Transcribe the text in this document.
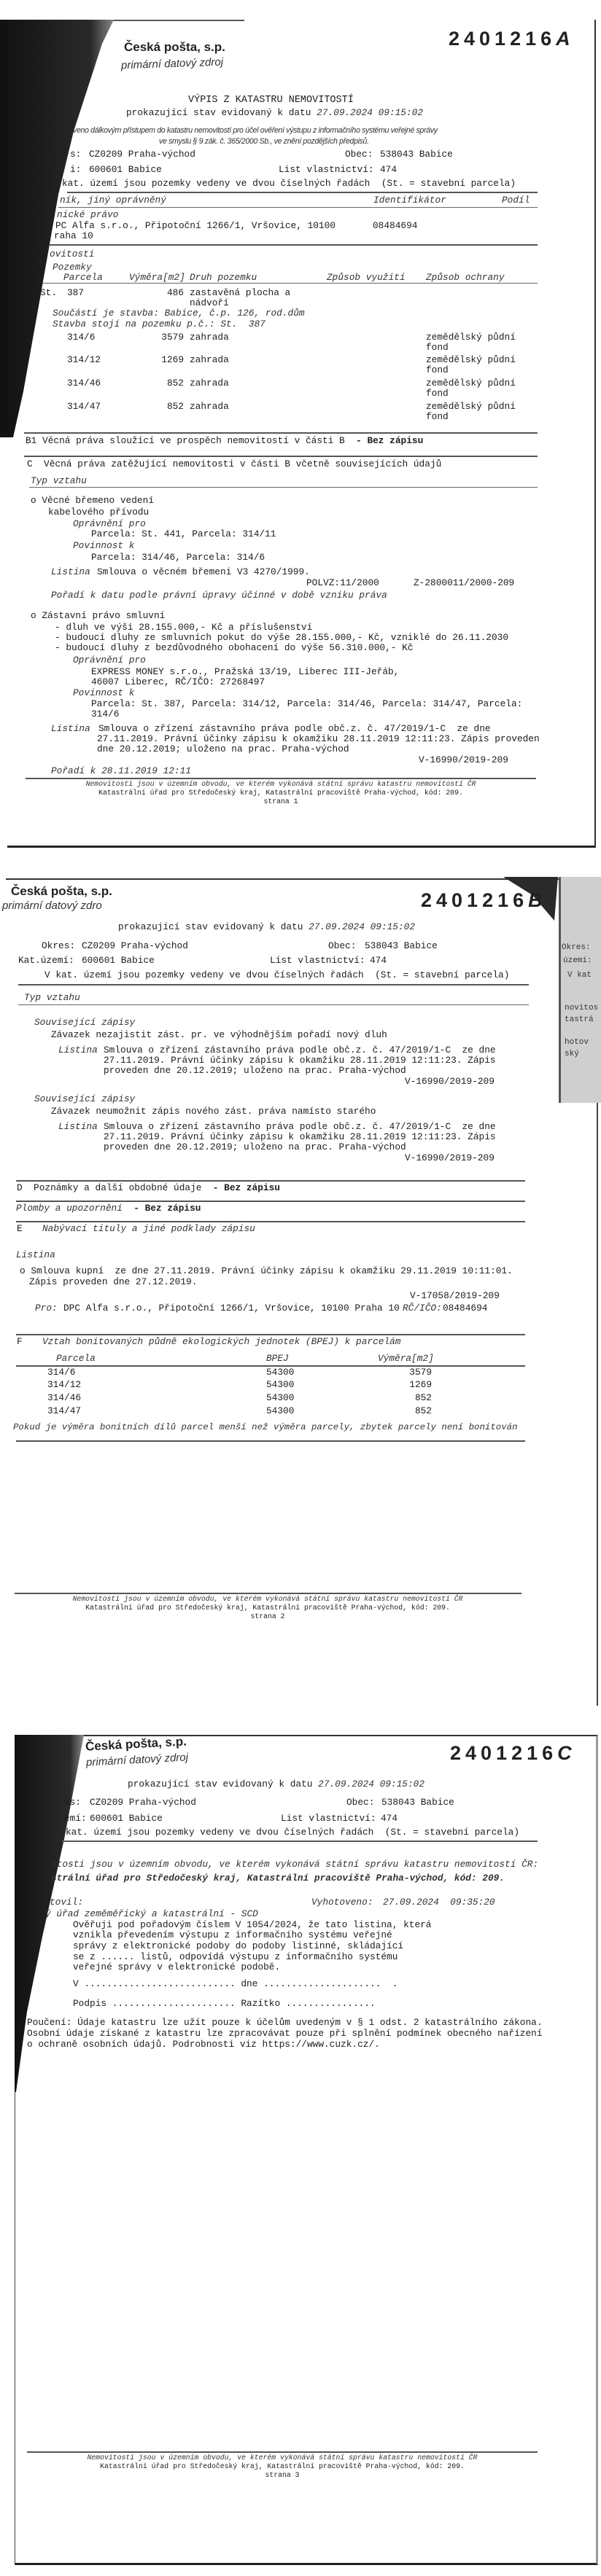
Česká pošta, s.p.
primární datový zdroj
2401216A
VÝPIS Z KATASTRU NEMOVITOSTÍ
prokazující stav evidovaný k datu 27.09.2024 09:15:02
veno dálkovým přístupem do katastru nemovitostí pro účel ověření výstupu z informačního systému veřejné správy
ve smyslu § 9 zák. č. 365/2000 Sb., ve znění pozdějších předpisů.
s: CZ0209 Praha-východ	Obec: 538043 Babice
i: 600601 Babice	List vlastnictví: 474
kat. území jsou pozemky vedeny ve dvou číselných řadách  (St. = stavební parcela)
ník, jiný oprávněný	Identifikátor	Podíl
nické právo
PC Alfa s.r.o., Připotoční 1266/1, Vršovice, 10100	08484694
raha 10
ovitosti
Pozemky
Parcela	Výměra[m2] Druh pozemku	Způsob využití Způsob ochrany
St. 387	486 zastavěná plocha a
nádvoří
Součástí je stavba: Babice, č.p. 126, rod.dům
Stavba stojí na pozemku p.č.: St.  387
314/6	3579 zahrada	zemědělský půdní
fond
314/12	1269 zahrada	zemědělský půdní
fond
314/46	852 zahrada	zemědělský půdní
fond
314/47	852 zahrada	zemědělský půdní
fond
B1 Věcná práva sloužící ve prospěch nemovitostí v části B  - Bez zápisu
C  Věcná práva zatěžující nemovitosti v části B včetně souvisejících údajů
Typ vztahu
o Věcné břemeno vedení
kabelového přívodu
Oprávnění pro
Parcela: St. 441, Parcela: 314/11
Povinnost k
Parcela: 314/46, Parcela: 314/6
Listina Smlouva o věcném břemeni V3 4270/1999.
POLVZ:11/2000	Z-2800011/2000-209
Pořadí k datu podle právní úpravy účinné v době vzniku práva
o Zástavní právo smluvní
- dluh ve výši 28.155.000,- Kč a příslušenství
- budoucí dluhy ze smluvních pokut do výše 28.155.000,- Kč, vzniklé do 26.11.2030
- budoucí dluhy z bezdůvodného obohacení do výše 56.310.000,- Kč
Oprávnění pro
EXPRESS MONEY s.r.o., Pražská 13/19, Liberec III-Jeřáb,
46007 Liberec, RČ/IČO: 27268497
Povinnost k
Parcela: St. 387, Parcela: 314/12, Parcela: 314/46, Parcela: 314/47, Parcela:
314/6
Listina Smlouva o zřízení zástavního práva podle obč.z. č. 47/2019/1-C  ze dne
27.11.2019. Právní účinky zápisu k okamžiku 28.11.2019 12:11:23. Zápis proveden
dne 20.12.2019; uloženo na prac. Praha-východ
V-16990/2019-209
Pořadí k 28.11.2019 12:11
Nemovitosti jsou v územním obvodu, ve kterém vykonává státní správu katastru nemovitostí ČR
Katastrální úřad pro Středočeský kraj, Katastrální pracoviště Praha-východ, kód: 209.
strana 1
Okres:
území:
V kat
novitos
tastrá
hotov
ský
Česká pošta, s.p.
primární datový zdro	2401216B
prokazující stav evidovaný k datu 27.09.2024 09:15:02
Okres: CZ0209 Praha-východ	Obec: 538043 Babice
Kat.území: 600601 Babice	List vlastnictví: 474
V kat. území jsou pozemky vedeny ve dvou číselných řadách  (St. = stavební parcela)
Typ vztahu
Související zápisy
Závazek nezajistit zást. pr. ve výhodnějším pořadí nový dluh
Listina Smlouva o zřízení zástavního práva podle obč.z. č. 47/2019/1-C  ze dne
27.11.2019. Právní účinky zápisu k okamžiku 28.11.2019 12:11:23. Zápis
proveden dne 20.12.2019; uloženo na prac. Praha-východ
V-16990/2019-209
Související zápisy
Závazek neumožnit zápis nového zást. práva namísto starého
Listina Smlouva o zřízení zástavního práva podle obč.z. č. 47/2019/1-C  ze dne
27.11.2019. Právní účinky zápisu k okamžiku 28.11.2019 12:11:23. Zápis
proveden dne 20.12.2019; uloženo na prac. Praha-východ
V-16990/2019-209
D  Poznámky a další obdobné údaje  - Bez zápisu
Plomby a upozornění  - Bez zápisu
E Nabývací tituly a jiné podklady zápisu
Listina
o Smlouva kupní  ze dne 27.11.2019. Právní účinky zápisu k okamžiku 29.11.2019 10:11:01.
Zápis proveden dne 27.12.2019.
V-17058/2019-209
Pro: DPC Alfa s.r.o., Připotoční 1266/1, Vršovice, 10100 Praha 10 RČ/IČO: 08484694
F Vztah bonitovaných půdně ekologických jednotek (BPEJ) k parcelám
Parcela	BPEJ	Výměra[m2]
314/6	54300	3579
314/12	54300	1269
314/46	54300	852
314/47	54300	852
Pokud je výměra bonitních dílů parcel menší než výměra parcely, zbytek parcely není bonitován
Nemovitosti jsou v územním obvodu, ve kterém vykonává státní správu katastru nemovitostí ČR
Katastrální úřad pro Středočeský kraj, Katastrální pracoviště Praha-východ, kód: 209.
strana 2
Česká pošta, s.p.
primární datový zdroj	2401216C
prokazující stav evidovaný k datu 27.09.2024 09:15:02
es: CZ0209 Praha-východ	Obec: 538043 Babice
emí: 600601 Babice	List vlastnictví: 474
kat. území jsou pozemky vedeny ve dvou číselných řadách  (St. = stavební parcela)
itosti jsou v územním obvodu, ve kterém vykonává státní správu katastru nemovitostí ČR:
strální úřad pro Středočeský kraj, Katastrální pracoviště Praha-východ, kód: 209.
tovil:	Vyhotoveno: 27.09.2024  09:35:20
ý úřad zeměměřický a katastrální - SCD
Ověřuji pod pořadovým číslem V 1054/2024, že tato listina, která
vznikla převedením výstupu z informačního systému veřejné
správy z elektronické podoby do podoby listinné, skládající
se z ...... listů, odpovídá výstupu z informačního systému
veřejné správy v elektronické podobě.
V ........................... dne .....................  .
Podpis ...................... Razítko ................
Poučení: Údaje katastru lze užít pouze k účelům uvedeným v § 1 odst. 2 katastrálního zákona.
Osobní údaje získané z katastru lze zpracovávat pouze při splnění podmínek obecného nařízení
o ochraně osobních údajů. Podrobnosti viz https://www.cuzk.cz/.
Nemovitosti jsou v územním obvodu, ve kterém vykonává státní správu katastru nemovitostí ČR
Katastrální úřad pro Středočeský kraj, Katastrální pracoviště Praha-východ, kód: 209.
strana 3
